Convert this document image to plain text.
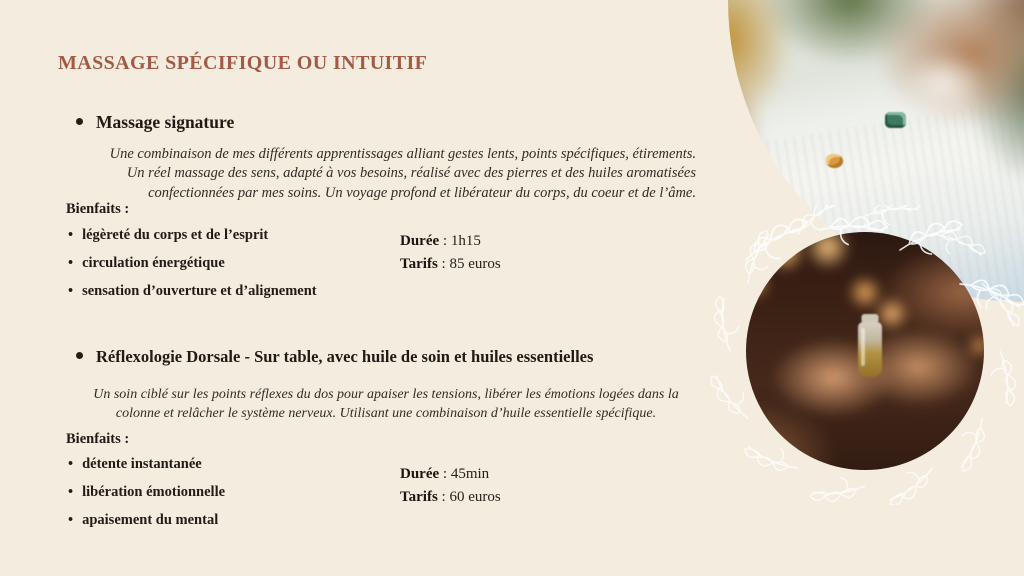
MASSAGE SPÉCIFIQUE OU INTUITIF
Massage signature

Une combinaison de mes différents apprentissages alliant gestes lents, points spécifiques, étirements. Un réel massage des sens, adapté à vos besoins, réalisé avec des pierres et des huiles aromatisées confectionnées par mes soins. Un voyage profond et libérateur du corps, du coeur et de l’âme.

Bienfaits :
• légèreté du corps et de l’esprit
• circulation énergétique
• sensation d’ouverture et d’alignement
Durée : 1h15
Tarifs : 85 euros
Réflexologie Dorsale - Sur table, avec huile de soin et huiles essentielles

Un soin ciblé sur les points réflexes du dos pour apaiser les tensions, libérer les émotions logées dans la colonne et relâcher le système nerveux. Utilisant une combinaison d’huile essentielle spécifique.

Bienfaits :
• détente instantanée
• libération émotionnelle
• apaisement du mental
Durée : 45min
Tarifs : 60 euros
